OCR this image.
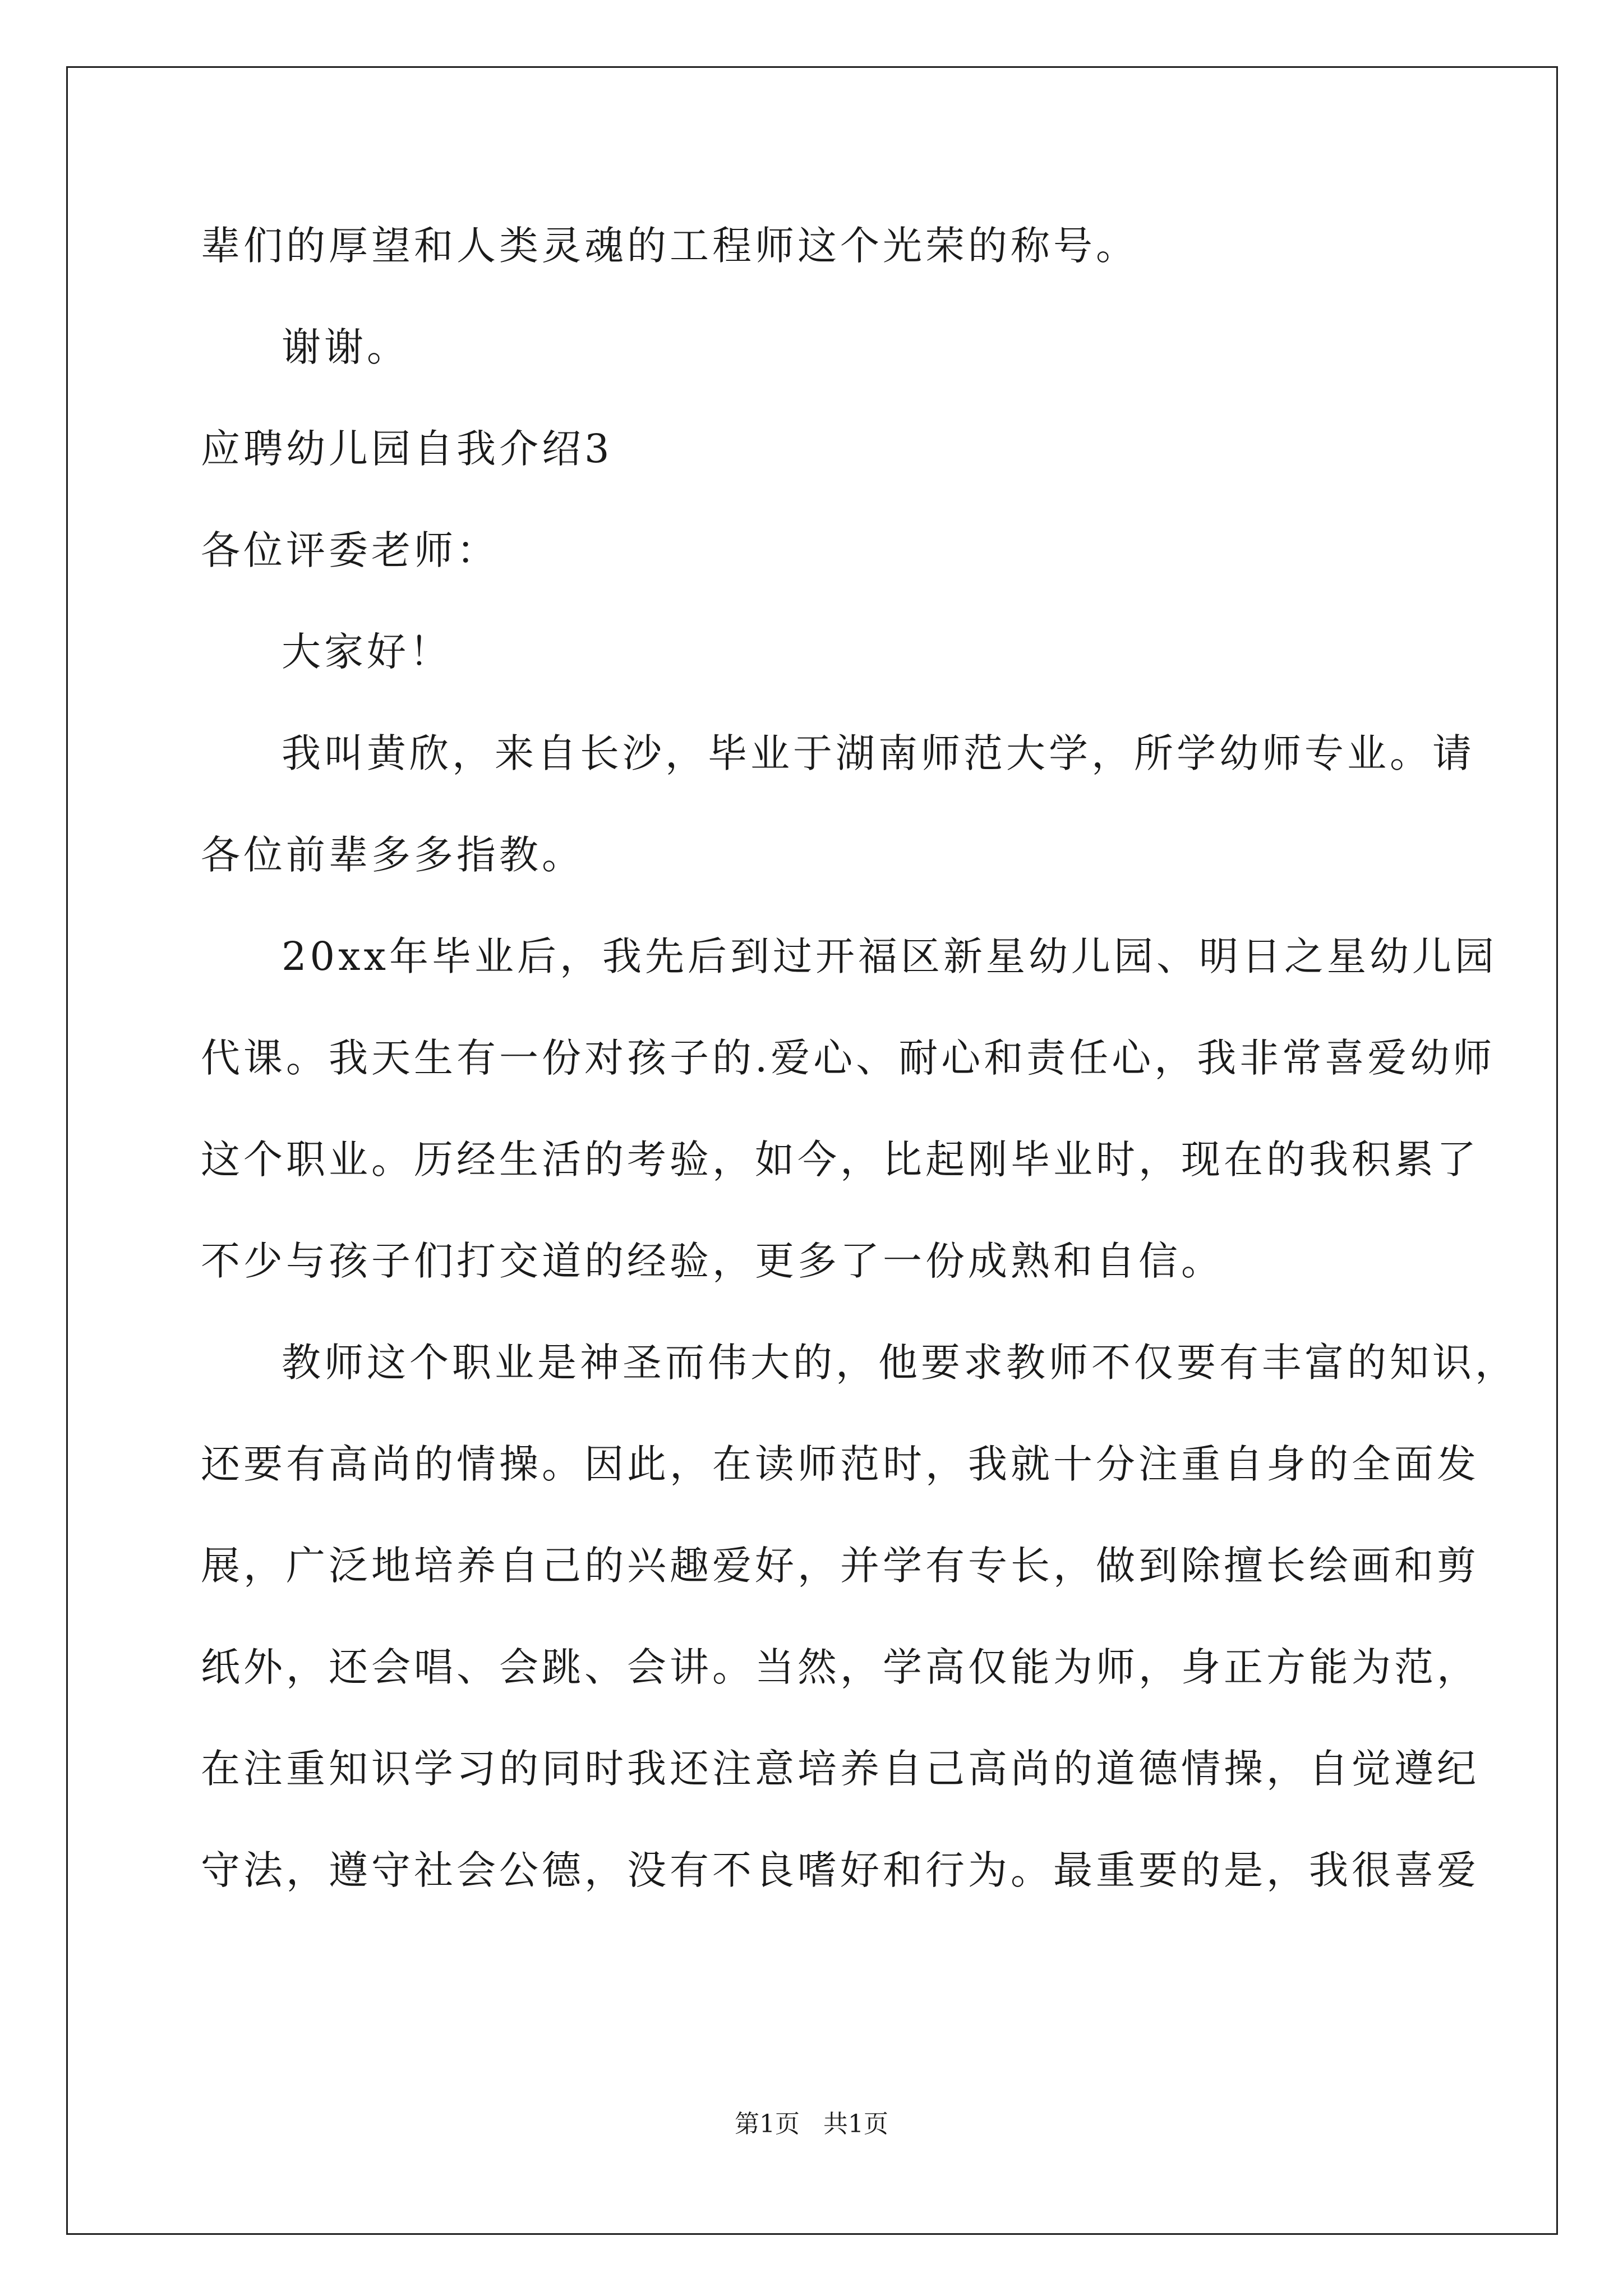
辈们的厚望和人类灵魂的工程师这个光荣的称号。
谢谢。
应聘幼儿园自我介绍3
各位评委老师：
大家好！
我叫黄欣，来自长沙，毕业于湖南师范大学，所学幼师专业。请
各位前辈多多指教。
20xx年毕业后，我先后到过开福区新星幼儿园、明日之星幼儿园
代课。我天生有一份对孩子的.爱心、耐心和责任心，我非常喜爱幼师
这个职业。历经生活的考验，如今，比起刚毕业时，现在的我积累了
不少与孩子们打交道的经验，更多了一份成熟和自信。
教师这个职业是神圣而伟大的，他要求教师不仅要有丰富的知识，
还要有高尚的情操。因此，在读师范时，我就十分注重自身的全面发
展，广泛地培养自己的兴趣爱好，并学有专长，做到除擅长绘画和剪
纸外，还会唱、会跳、会讲。当然，学高仅能为师，身正方能为范，
在注重知识学习的同时我还注意培养自己高尚的道德情操，自觉遵纪
守法，遵守社会公德，没有不良嗜好和行为。最重要的是，我很喜爱
第1页   共1页
